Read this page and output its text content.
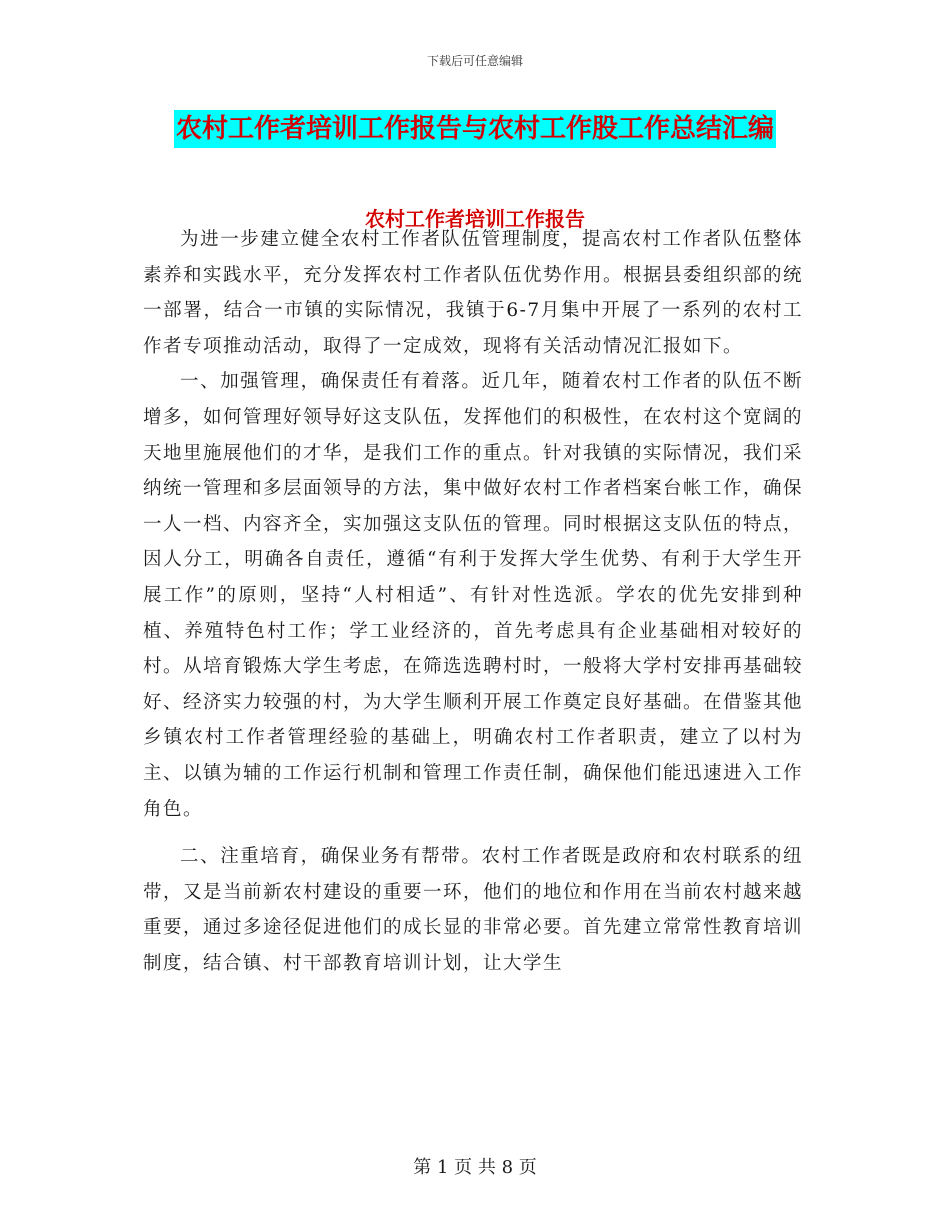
下载后可任意编辑
农村工作者培训工作报告与农村工作股工作总结汇编
农村工作者培训工作报告

为进一步建立健全农村工作者队伍管理制度，提高农村工作者队伍整体素养和实践水平，充分发挥农村工作者队伍优势作用。根据县委组织部的统一部署，结合一市镇的实际情况，我镇于6-7月集中开展了一系列的农村工作者专项推动活动，取得了一定成效，现将有关活动情况汇报如下。

一、加强管理，确保责任有着落。近几年，随着农村工作者的队伍不断增多，如何管理好领导好这支队伍，发挥他们的积极性，在农村这个宽阔的天地里施展他们的才华，是我们工作的重点。针对我镇的实际情况，我们采纳统一管理和多层面领导的方法，集中做好农村工作者档案台帐工作，确保一人一档、内容齐全，实加强这支队伍的管理。同时根据这支队伍的特点，因人分工，明确各自责任，遵循“有利于发挥大学生优势、有利于大学生开展工作”的原则，坚持“人村相适”、有针对性选派。学农的优先安排到种植、养殖特色村工作；学工业经济的，首先考虑具有企业基础相对较好的村。从培育锻炼大学生考虑，在筛选选聘村时，一般将大学村安排再基础较好、经济实力较强的村，为大学生顺利开展工作奠定良好基础。在借鉴其他乡镇农村工作者管理经验的基础上，明确农村工作者职责，建立了以村为主、以镇为辅的工作运行机制和管理工作责任制，确保他们能迅速进入工作角色。

二、注重培育，确保业务有帮带。农村工作者既是政府和农村联系的纽带，又是当前新农村建设的重要一环，他们的地位和作用在当前农村越来越重要，通过多途径促进他们的成长显的非常必要。首先建立常常性教育培训制度，结合镇、村干部教育培训计划，让大学生

第 1 页 共 8 页
